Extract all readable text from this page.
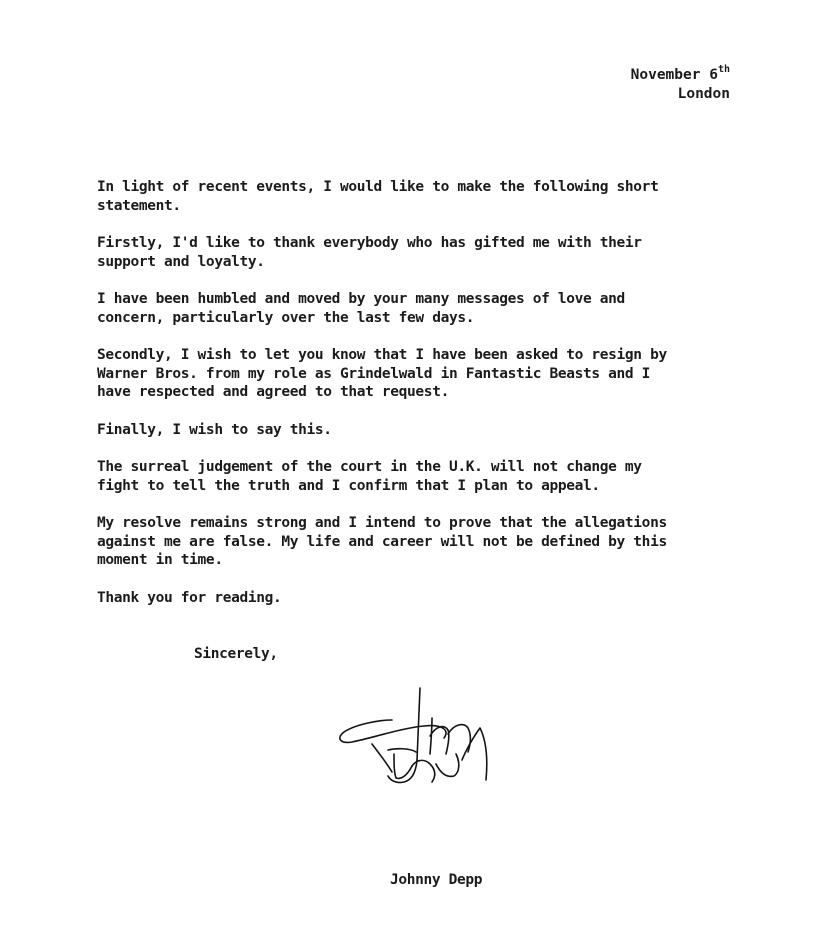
November 6th
London

In light of recent events, I would like to make the following short
statement.

Firstly, I'd like to thank everybody who has gifted me with their
support and loyalty.

I have been humbled and moved by your many messages of love and
concern, particularly over the last few days.

Secondly, I wish to let you know that I have been asked to resign by
Warner Bros. from my role as Grindelwald in Fantastic Beasts and I
have respected and agreed to that request.

Finally, I wish to say this.

The surreal judgement of the court in the U.K. will not change my
fight to tell the truth and I confirm that I plan to appeal.

My resolve remains strong and I intend to prove that the allegations
against me are false. My life and career will not be defined by this
moment in time.

Thank you for reading.

Sincerely,
Johnny Depp
